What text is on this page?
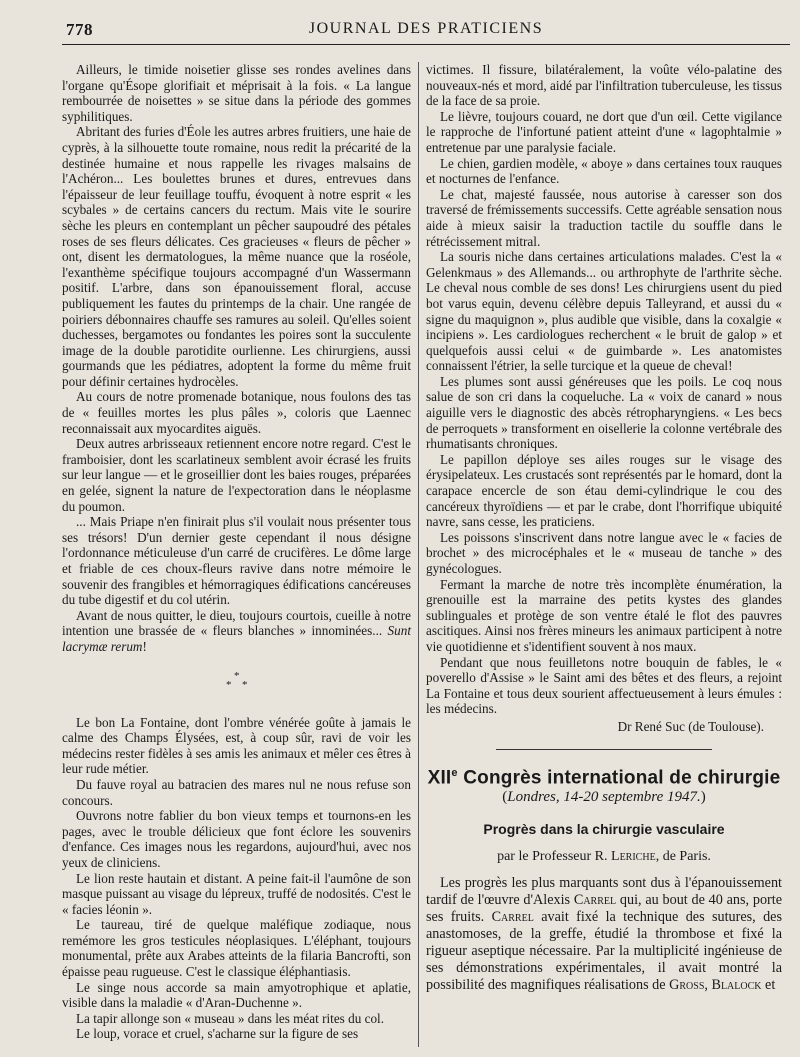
778	JOURNAL DES PRATICIENS

Ailleurs, le timide noisetier glisse ses rondes avelines dans l'organe qu'Ésope glorifiait et méprisait à la fois. « La langue rembourrée de noisettes » se situe dans la période des gommes syphilitiques.

Abritant des furies d'Éole les autres arbres fruitiers, une haie de cyprès, à la silhouette toute romaine, nous redit la précarité de la destinée humaine et nous rappelle les rivages malsains de l'Achéron... Les boulettes brunes et dures, entrevues dans l'épaisseur de leur feuillage touffu, évoquent à notre esprit « les scybales » de certains cancers du rectum. Mais vite le sourire sèche les pleurs en contemplant un pêcher saupoudré des pétales roses de ses fleurs délicates. Ces gracieuses « fleurs de pêcher » ont, disent les dermatologues, la même nuance que la roséole, l'exanthème spécifique toujours accompagné d'un Wassermann positif. L'arbre, dans son épanouissement floral, accuse publiquement les fautes du printemps de la chair. Une rangée de poiriers débonnaires chauffe ses ramures au soleil. Qu'elles soient duchesses, bergamotes ou fondantes les poires sont la succulente image de la double parotidite ourlienne. Les chirurgiens, aussi gourmands que les pédiatres, adoptent la forme du même fruit pour définir certaines hydrocèles.

Au cours de notre promenade botanique, nous foulons des tas de « feuilles mortes les plus pâles », coloris que Laennec reconnaissait aux myocardites aiguës.

Deux autres arbrisseaux retiennent encore notre regard. C'est le framboisier, dont les scarlatineux semblent avoir écrasé les fruits sur leur langue — et le groseillier dont les baies rouges, préparées en gelée, signent la nature de l'expectoration dans le néoplasme du poumon.

... Mais Priape n'en finirait plus s'il voulait nous présenter tous ses trésors! D'un dernier geste cependant il nous désigne l'ordonnance méticuleuse d'un carré de crucifères. Le dôme large et friable de ces choux-fleurs ravive dans notre mémoire le souvenir des frangibles et hémorragiques édifications cancéreuses du tube digestif et du col utérin.

Avant de nous quitter, le dieu, toujours courtois, cueille à notre intention une brassée de « fleurs blanches » innominées... Sunt lacrymæ rerum!

*
* *

Le bon La Fontaine, dont l'ombre vénérée goûte à jamais le calme des Champs Élysées, est, à coup sûr, ravi de voir les médecins rester fidèles à ses amis les animaux et mêler ces êtres à leur rude métier.

Du fauve royal au batracien des mares nul ne nous refuse son concours.

Ouvrons notre fablier du bon vieux temps et tournons-en les pages, avec le trouble délicieux que font éclore les souvenirs d'enfance. Ces images nous les regardons, aujourd'hui, avec nos yeux de cliniciens.

Le lion reste hautain et distant. A peine fait-il l'aumône de son masque puissant au visage du lépreux, truffé de nodosités. C'est le « facies léonin ».

Le taureau, tiré de quelque maléfique zodiaque, nous remémore les gros testicules néoplasiques. L'éléphant, toujours monumental, prête aux Arabes atteints de la filaria Bancrofti, son épaisse peau rugueuse. C'est le classique éléphantiasis.

Le singe nous accorde sa main amyotrophique et aplatie, visible dans la maladie « d'Aran-Duchenne ».

La tapir allonge son « museau » dans les méat rites du col.

Le loup, vorace et cruel, s'acharne sur la figure de ses

victimes. Il fissure, bilatéralement, la voûte vélo-palatine des nouveaux-nés et mord, aidé par l'infiltration tuberculeuse, les tissus de la face de sa proie.

Le lièvre, toujours couard, ne dort que d'un œil. Cette vigilance le rapproche de l'infortuné patient atteint d'une « lagophtalmie » entretenue par une paralysie faciale.

Le chien, gardien modèle, « aboye » dans certaines toux rauques et nocturnes de l'enfance.

Le chat, majesté faussée, nous autorise à caresser son dos traversé de frémissements successifs. Cette agréable sensation nous aide à mieux saisir la traduction tactile du souffle dans le rétrécissement mitral.

La souris niche dans certaines articulations malades. C'est la « Gelenkmaus » des Allemands... ou arthrophyte de l'arthrite sèche. Le cheval nous comble de ses dons! Les chirurgiens usent du pied bot varus equin, devenu célèbre depuis Talleyrand, et aussi du « signe du maquignon », plus audible que visible, dans la coxalgie « incipiens ». Les cardiologues recherchent « le bruit de galop » et quelquefois aussi celui « de guimbarde ». Les anatomistes connaissent l'étrier, la selle turcique et la queue de cheval!

Les plumes sont aussi généreuses que les poils. Le coq nous salue de son cri dans la coqueluche. La « voix de canard » nous aiguille vers le diagnostic des abcès rétropharyngiens. « Les becs de perroquets » transforment en oisellerie la colonne vertébrale des rhumatisants chroniques.

Le papillon déploye ses ailes rouges sur le visage des érysipelateux. Les crustacés sont représentés par le homard, dont la carapace encercle de son étau demi-cylindrique le cou des cancéreux thyroïdiens — et par le crabe, dont l'horrifique ubiquité navre, sans cesse, les praticiens.

Les poissons s'inscrivent dans notre langue avec le « facies de brochet » des microcéphales et le « museau de tanche » des gynécologues.

Fermant la marche de notre très incomplète énumération, la grenouille est la marraine des petits kystes des glandes sublinguales et protège de son ventre étalé le flot des pauvres ascitiques. Ainsi nos frères mineurs les animaux participent à notre vie quotidienne et s'identifient souvent à nos maux.

Pendant que nous feuilletons notre bouquin de fables, le « poverello d'Assise » le Saint ami des bêtes et des fleurs, a rejoint La Fontaine et tous deux sourient affectueusement à leurs émules : les médecins.

Dr René Suc (de Toulouse).
XIIe Congrès international de chirurgie
(Londres, 14-20 septembre 1947.)
Progrès dans la chirurgie vasculaire
par le Professeur R. Leriche, de Paris.

Les progrès les plus marquants sont dus à l'épanouissement tardif de l'œuvre d'Alexis Carrel qui, au bout de 40 ans, porte ses fruits. Carrel avait fixé la technique des sutures, des anastomoses, de la greffe, étudié la thrombose et fixé la rigueur aseptique nécessaire. Par la multiplicité ingénieuse de ses démonstrations expérimentales, il avait montré la possibilité des magnifiques réalisations de Gross, Blalock et
